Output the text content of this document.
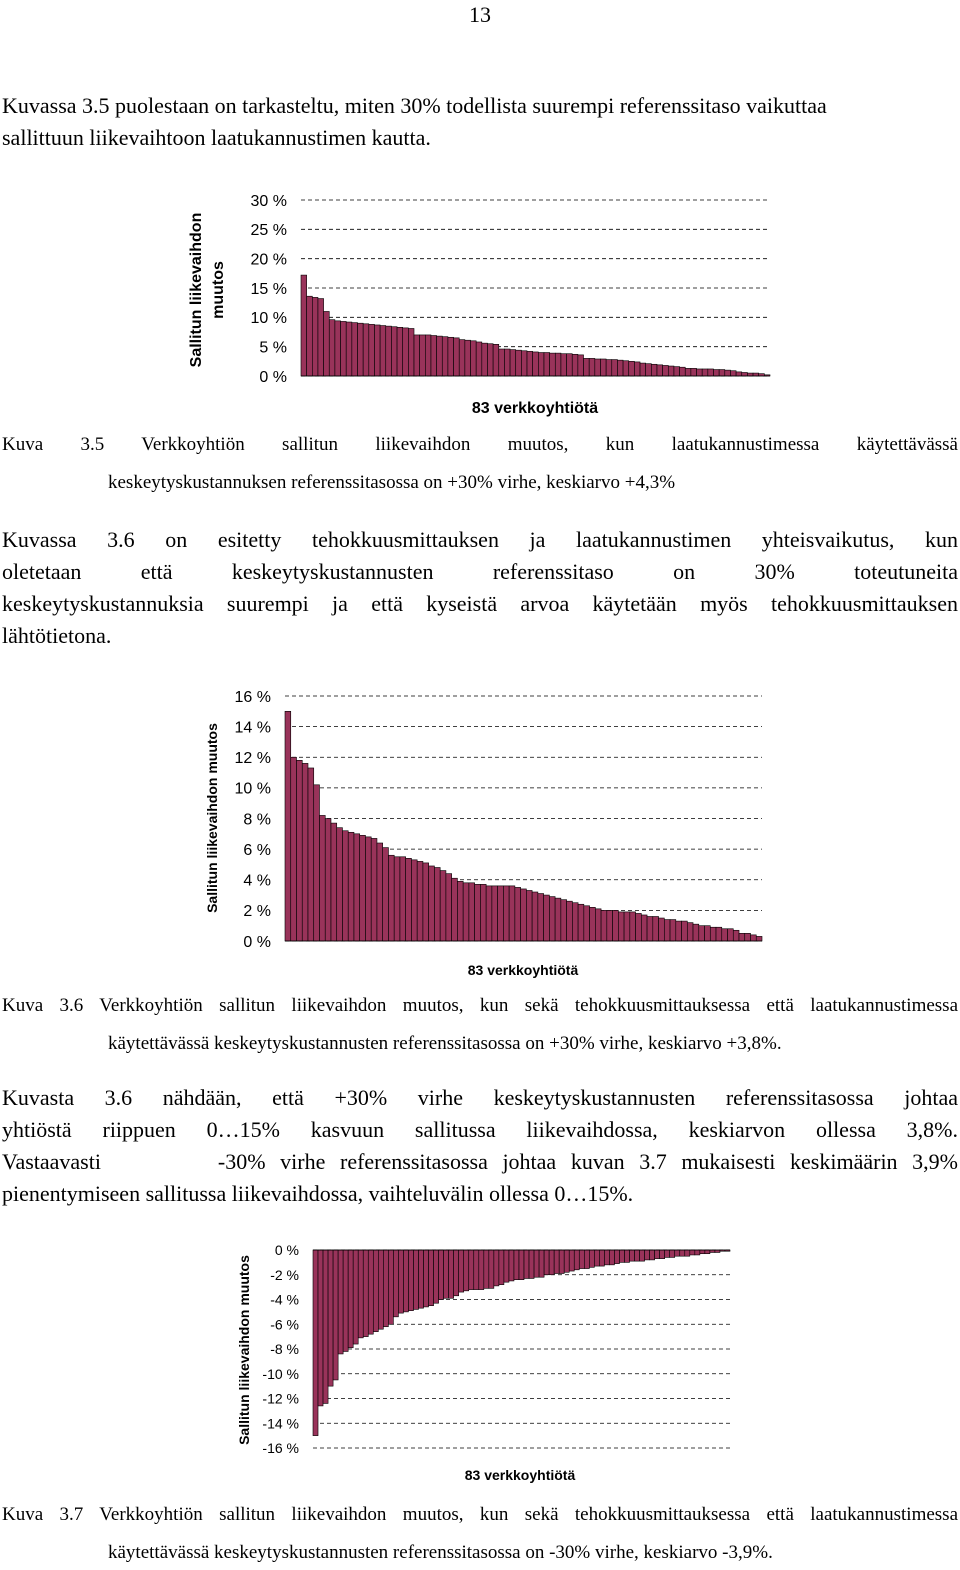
13

Kuvassa 3.5 puolestaan on tarkasteltu, miten 30% todellista suurempi referenssitaso vaikuttaa
sallittuun liikevaihtoon laatukannustimen kautta.

30 %
25 %
20 %
15 %
10 %
5 %
0 %
Sallitun liikevaihdon muutos
83 verkkoyhtiötä

Kuva 3.5 Verkkoyhtiön sallitun liikevaihdon muutos, kun laatukannustimessa käytettävässä

keskeytyskustannuksen referenssitasossa on +30% virhe, keskiarvo +4,3%

Kuvassa 3.6 on esitetty tehokkuusmittauksen ja laatukannustimen yhteisvaikutus, kun
oletetaan että keskeytyskustannusten referenssitaso on 30% toteutuneita
keskeytyskustannuksia suurempi ja että kyseistä arvoa käytetään myös tehokkuusmittauksen
lähtötietona.

16 %
14 %
12 %
10 %
8 %
6 %
4 %
2 %
0 %
Sallitun liikevaihdon muutos
83 verkkoyhtiötä

Kuva 3.6 Verkkoyhtiön sallitun liikevaihdon muutos, kun sekä tehokkuusmittauksessa että laatukannustimessa

käytettävässä keskeytyskustannusten referenssitasossa on +30% virhe, keskiarvo +3,8%.

Kuvasta 3.6 nähdään, että +30% virhe keskeytyskustannusten referenssitasossa johtaa
yhtiöstä riippuen 0…15% kasvuun sallitussa liikevaihdossa, keskiarvon ollessa 3,8%.
Vastaavasti        -30% virhe referenssitasossa johtaa kuvan 3.7 mukaisesti keskimäärin 3,9%
pienentymiseen sallitussa liikevaihdossa, vaihteluvälin ollessa 0…15%.

0 %
-2 %
-4 %
-6 %
-8 %
-10 %
-12 %
-14 %
-16 %
Sallitun liikevaihdon muutos
83 verkkoyhtiötä

Kuva 3.7 Verkkoyhtiön sallitun liikevaihdon muutos, kun sekä tehokkuusmittauksessa että laatukannustimessa

käytettävässä keskeytyskustannusten referenssitasossa on -30% virhe, keskiarvo -3,9%.
